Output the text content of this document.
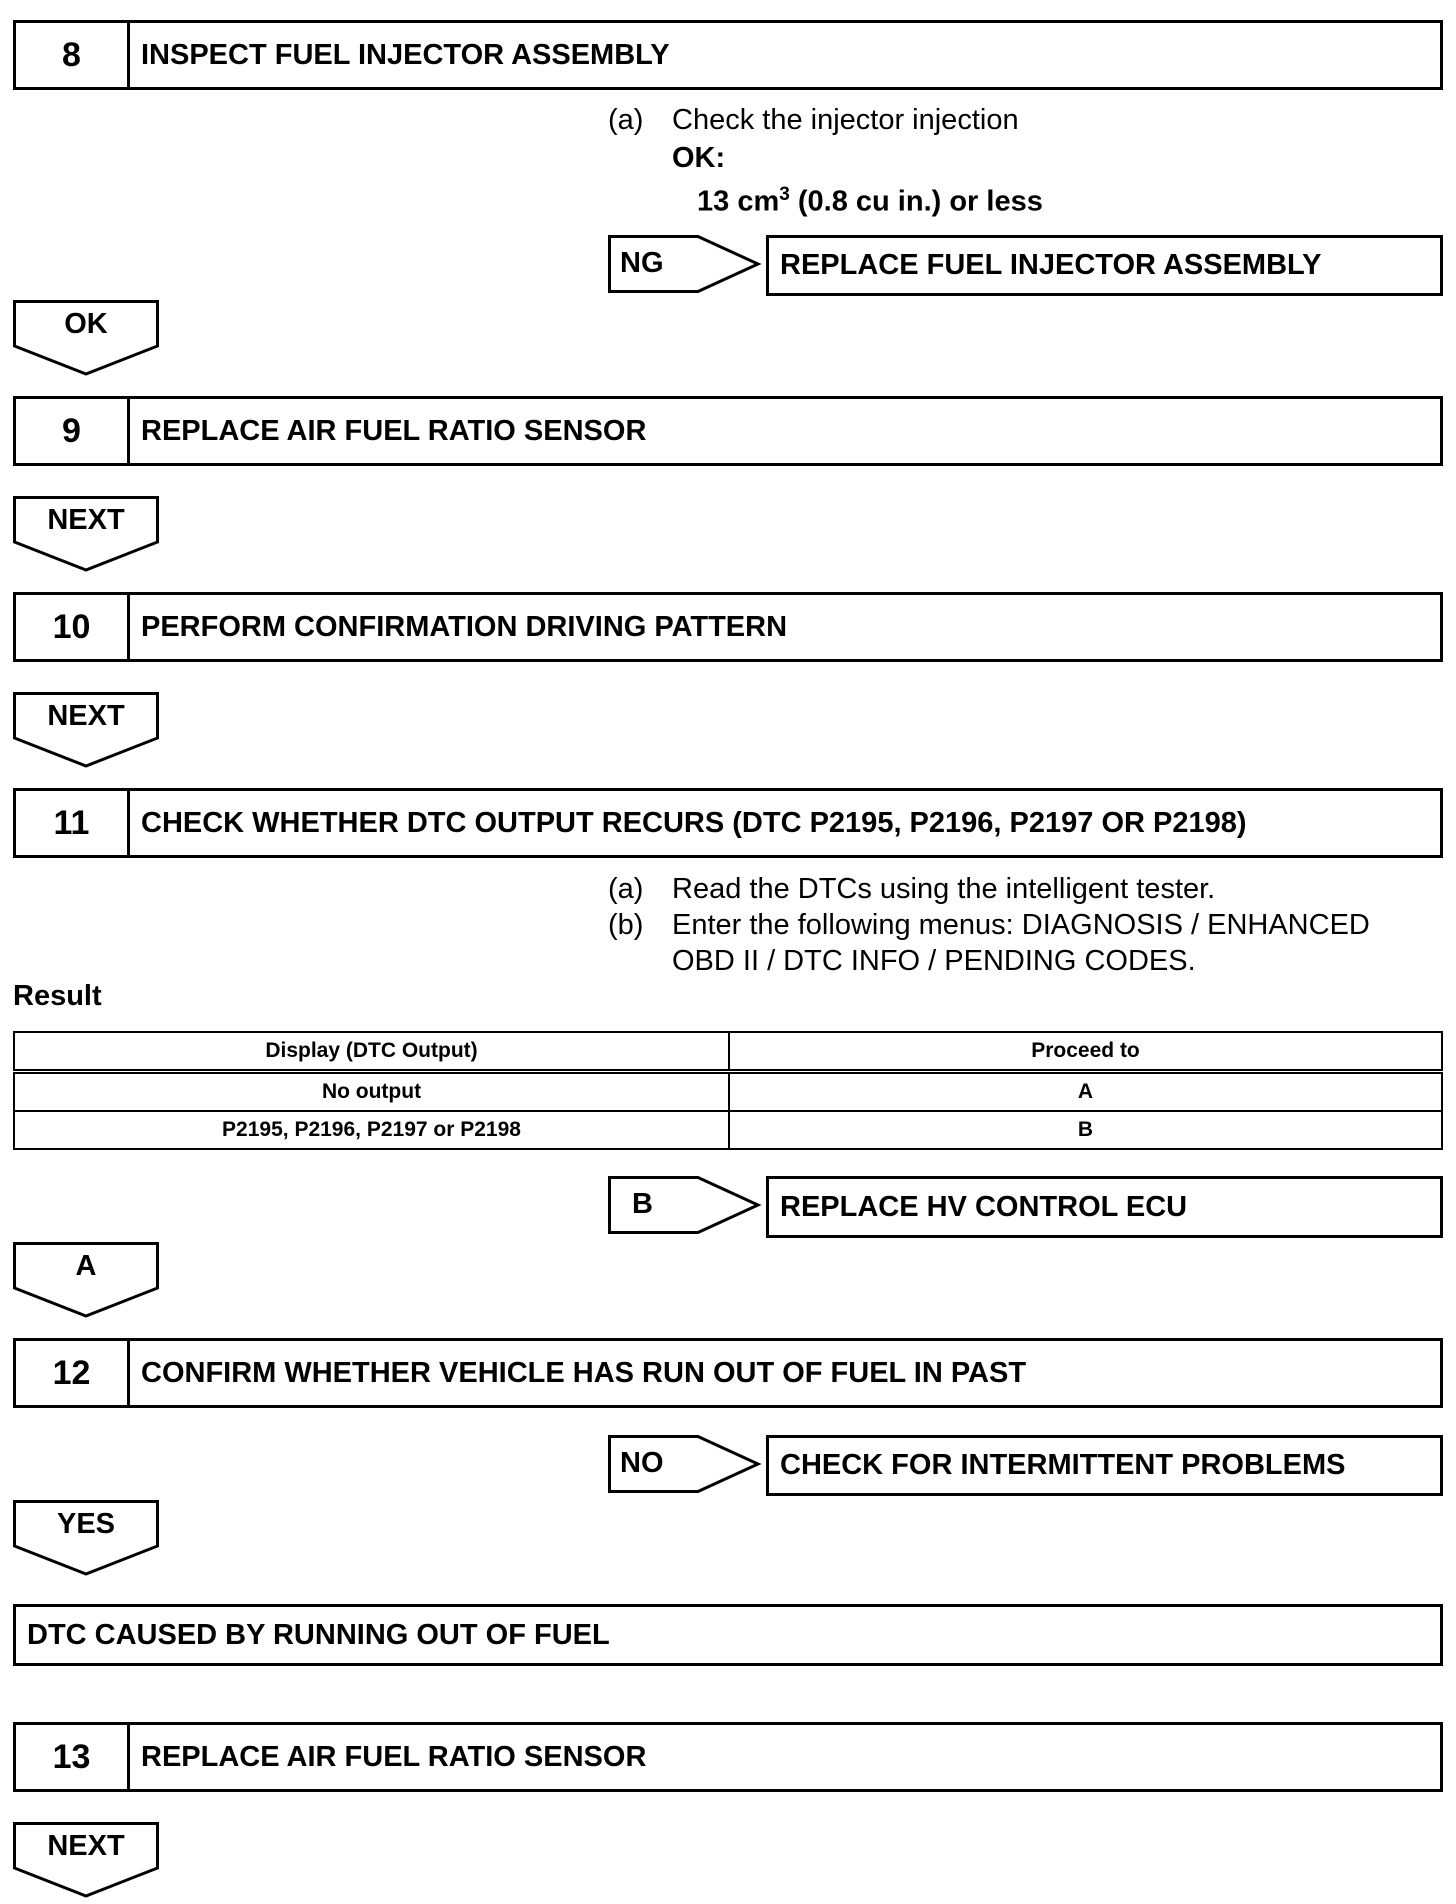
8	INSPECT FUEL INJECTOR ASSEMBLY
(a) Check the injector injection
OK:
13 $cm^3$ (0.8 cu in.) or less
NG	REPLACE FUEL INJECTOR ASSEMBLY
OK
9	REPLACE AIR FUEL RATIO SENSOR
NEXT
10	PERFORM CONFIRMATION DRIVING PATTERN
NEXT
11	CHECK WHETHER DTC OUTPUT RECURS (DTC P2195, P2196, P2197 OR P2198)
(a) Read the DTCs using the intelligent tester.
(b) Enter the following menus: DIAGNOSIS / ENHANCED
OBD II / DTC INFO / PENDING CODES.
Result
Display (DTC Output)	Proceed to
No output	A
P2195, P2196, P2197 or P2198	B
B	REPLACE HV CONTROL ECU
A
12	CONFIRM WHETHER VEHICLE HAS RUN OUT OF FUEL IN PAST
NO	CHECK FOR INTERMITTENT PROBLEMS
YES
DTC CAUSED BY RUNNING OUT OF FUEL
13	REPLACE AIR FUEL RATIO SENSOR
NEXT
